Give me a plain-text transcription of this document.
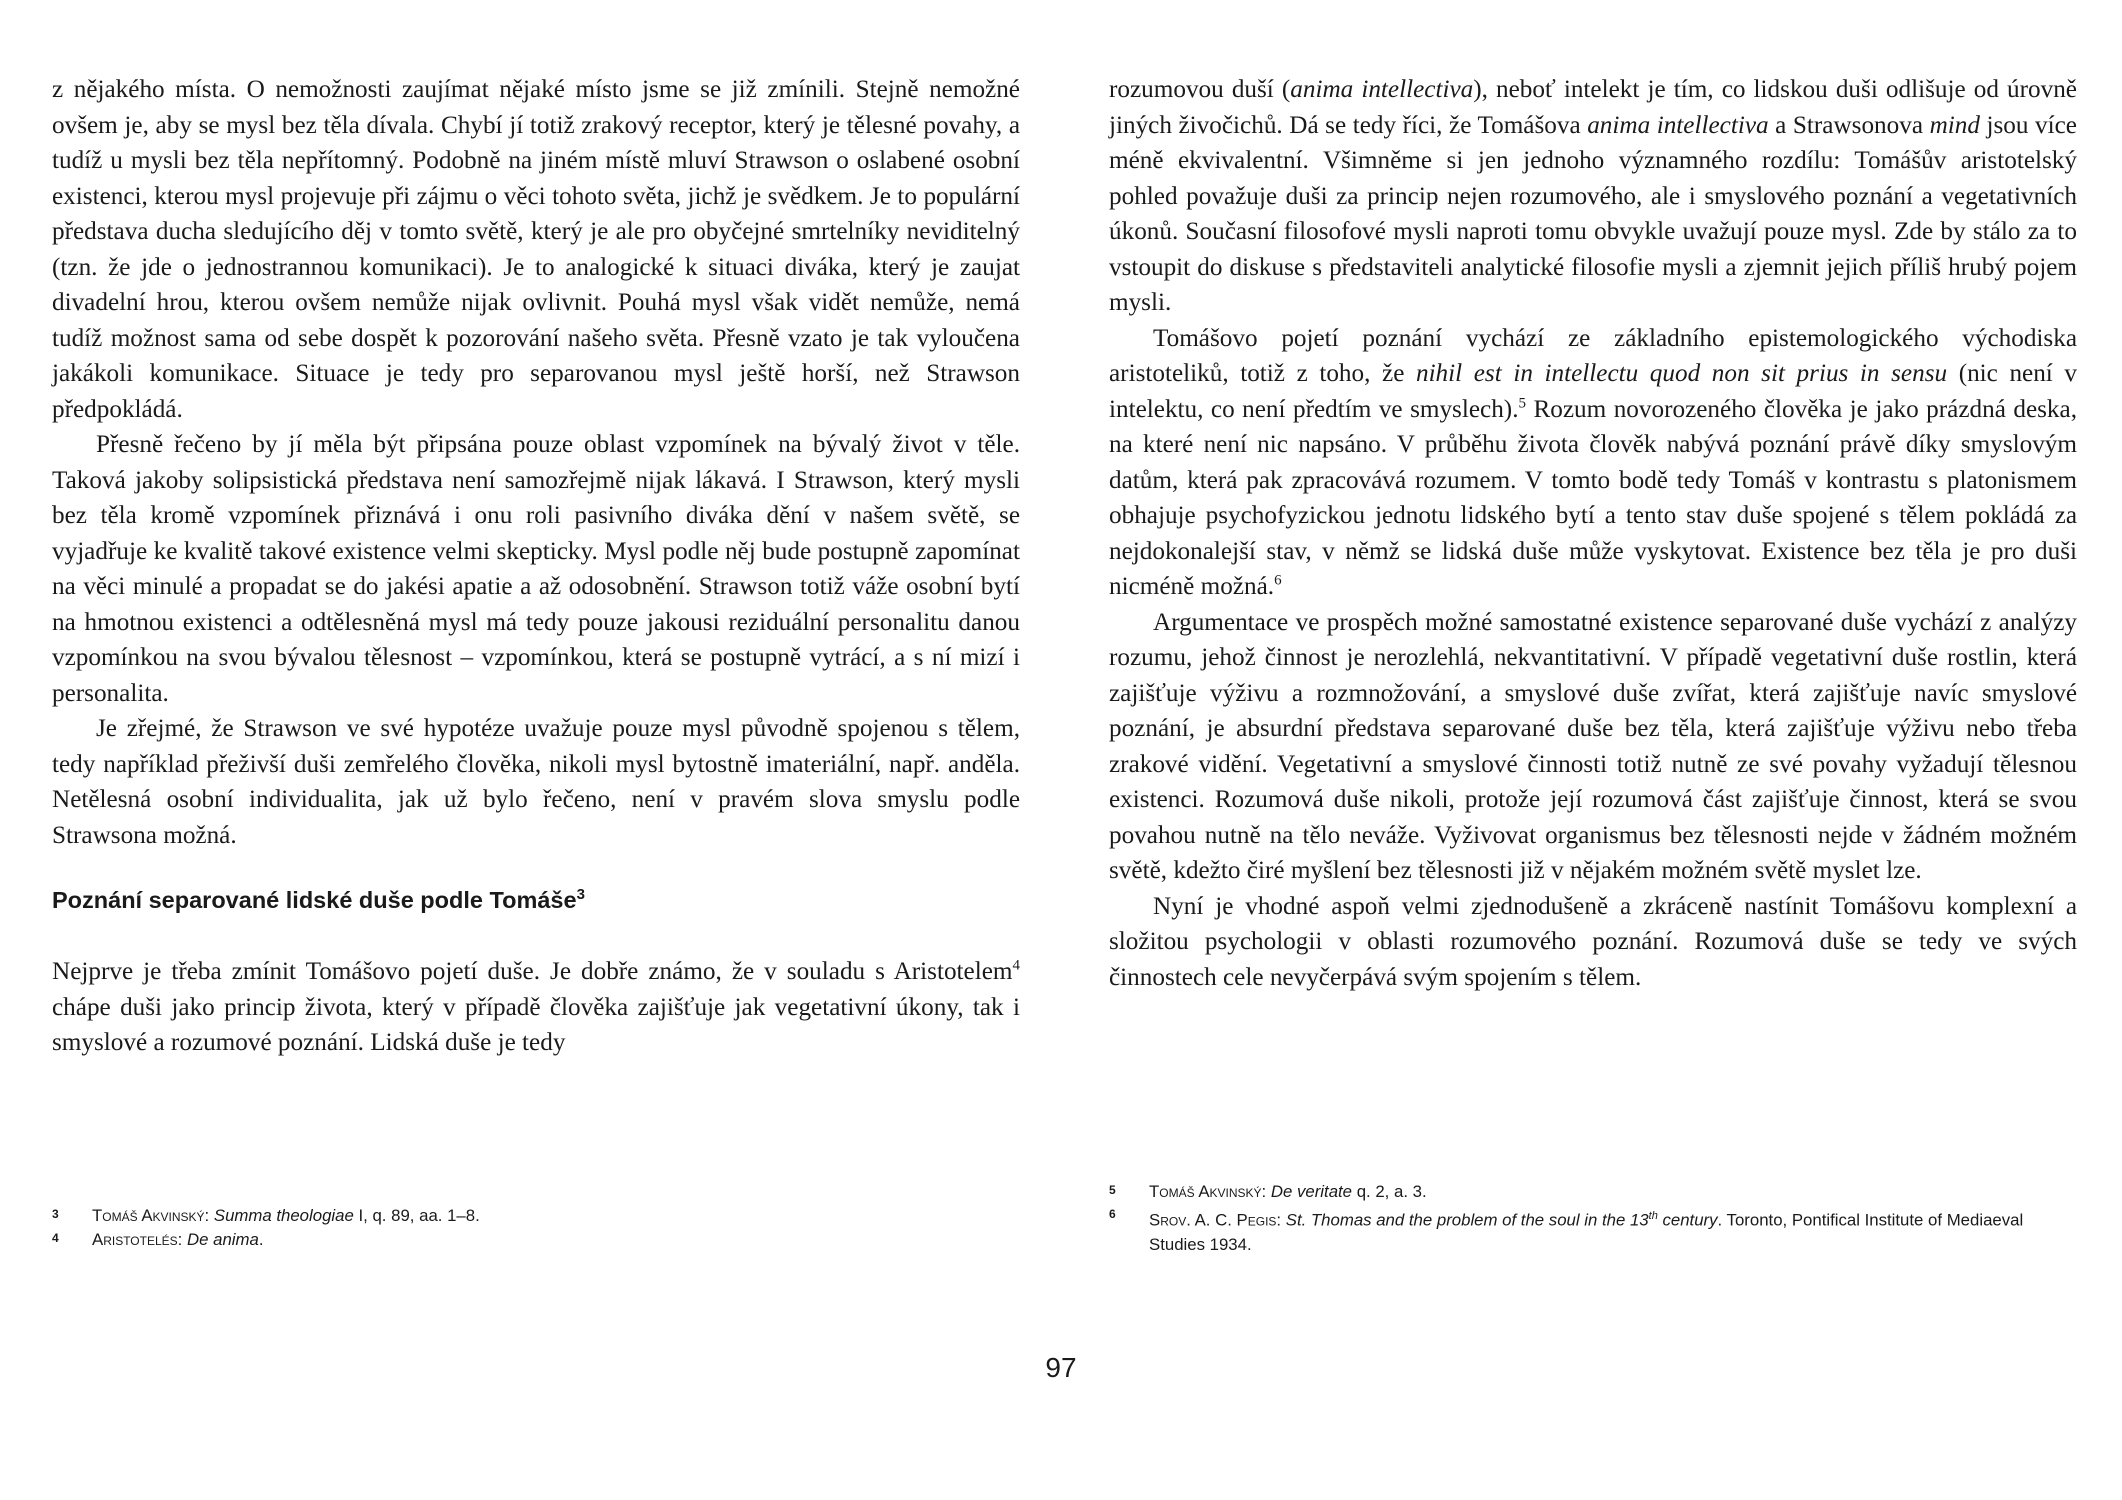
z nějakého místa. O nemožnosti zaujímat nějaké místo jsme se již zmínili. Stejně nemožné ovšem je, aby se mysl bez těla dívala. Chybí jí totiž zrakový receptor, který je tělesné povahy, a tudíž u mysli bez těla nepřítomný. Podobně na jiném místě mluví Strawson o oslabené osobní existenci, kterou mysl projevuje při zájmu o věci tohoto světa, jichž je svědkem. Je to populární představa ducha sledujícího děj v tomto světě, který je ale pro obyčejné smrtelníky neviditelný (tzn. že jde o jednostrannou komunikaci). Je to analogické k situaci diváka, který je zaujat divadelní hrou, kterou ovšem nemůže nijak ovlivnit. Pouhá mysl však vidět nemůže, nemá tudíž možnost sama od sebe dospět k pozorování našeho světa. Přesně vzato je tak vyloučena jakákoli komunikace. Situace je tedy pro separovanou mysl ještě horší, než Strawson předpokládá.

Přesně řečeno by jí měla být připsána pouze oblast vzpomínek na bývalý život v těle. Taková jakoby solipsistická představa není samozřejmě nijak lákavá. I Strawson, který mysli bez těla kromě vzpomínek přiznává i onu roli pasivního diváka dění v našem světě, se vyjadřuje ke kvalitě takové existence velmi skepticky. Mysl podle něj bude postupně zapomínat na věci minulé a propadat se do jakési apatie a až odosobnění. Strawson totiž váže osobní bytí na hmotnou existenci a odtělesněná mysl má tedy pouze jakousi reziduální personalitu danou vzpomínkou na svou bývalou tělesnost – vzpomínkou, která se postupně vytrácí, a s ní mizí i personalita.

Je zřejmé, že Strawson ve své hypotéze uvažuje pouze mysl původně spojenou s tělem, tedy například přeživší duši zemřelého člověka, nikoli mysl bytostně imateriální, např. anděla. Netělesná osobní individualita, jak už bylo řečeno, není v pravém slova smyslu podle Strawsona možná.

Poznání separované lidské duše podle Tomáše$^3$

Nejprve je třeba zmínit Tomášovo pojetí duše. Je dobře známo, že v souladu s Aristotelem$^4$ chápe duši jako princip života, který v případě člověka zajišťuje jak vegetativní úkony, tak i smyslové a rozumové poznání. Lidská duše je tedy

3	Tomáš Akvinský: Summa theologiae I, q. 89, aa. 1–8.
4	Aristotelés: De anima.

rozumovou duší (anima intellectiva), neboť intelekt je tím, co lidskou duši odlišuje od úrovně jiných živočichů. Dá se tedy říci, že Tomášova anima intellectiva a Strawsonova mind jsou více méně ekvivalentní. Všimněme si jen jednoho významného rozdílu: Tomášův aristotelský pohled považuje duši za princip nejen rozumového, ale i smyslového poznání a vegetativních úkonů. Současní filosofové mysli naproti tomu obvykle uvažují pouze mysl. Zde by stálo za to vstoupit do diskuse s představiteli analytické filosofie mysli a zjemnit jejich příliš hrubý pojem mysli.

Tomášovo pojetí poznání vychází ze základního epistemologického východiska aristoteliků, totiž z toho, že nihil est in intellectu quod non sit prius in sensu (nic není v intelektu, co není předtím ve smyslech).$^5$ Rozum novorozeného člověka je jako prázdná deska, na které není nic napsáno. V průběhu života člověk nabývá poznání právě díky smyslovým datům, která pak zpracovává rozumem. V tomto bodě tedy Tomáš v kontrastu s platonismem obhajuje psychofyzickou jednotu lidského bytí a tento stav duše spojené s tělem pokládá za nejdokonalejší stav, v němž se lidská duše může vyskytovat. Existence bez těla je pro duši nicméně možná.$^6$

Argumentace ve prospěch možné samostatné existence separované duše vychází z analýzy rozumu, jehož činnost je nerozlehlá, nekvantitativní. V případě vegetativní duše rostlin, která zajišťuje výživu a rozmnožování, a smyslové duše zvířat, která zajišťuje navíc smyslové poznání, je absurdní představa separované duše bez těla, která zajišťuje výživu nebo třeba zrakové vidění. Vegetativní a smyslové činnosti totiž nutně ze své povahy vyžadují tělesnou existenci. Rozumová duše nikoli, protože její rozumová část zajišťuje činnost, která se svou povahou nutně na tělo neváže. Vyživovat organismus bez tělesnosti nejde v žádném možném světě, kdežto čiré myšlení bez tělesnosti již v nějakém možném světě myslet lze.

Nyní je vhodné aspoň velmi zjednodušeně a zkráceně nastínit Tomášovu komplexní a složitou psychologii v oblasti rozumového poznání. Rozumová duše se tedy ve svých činnostech cele nevyčerpává svým spojením s tělem.

5	Tomáš Akvinský: De veritate q. 2, a. 3.
6	Srov. A. C. Pegis: St. Thomas and the problem of the soul in the 13th century. Toronto, Pontifical Institute of Mediaeval Studies 1934.
97
